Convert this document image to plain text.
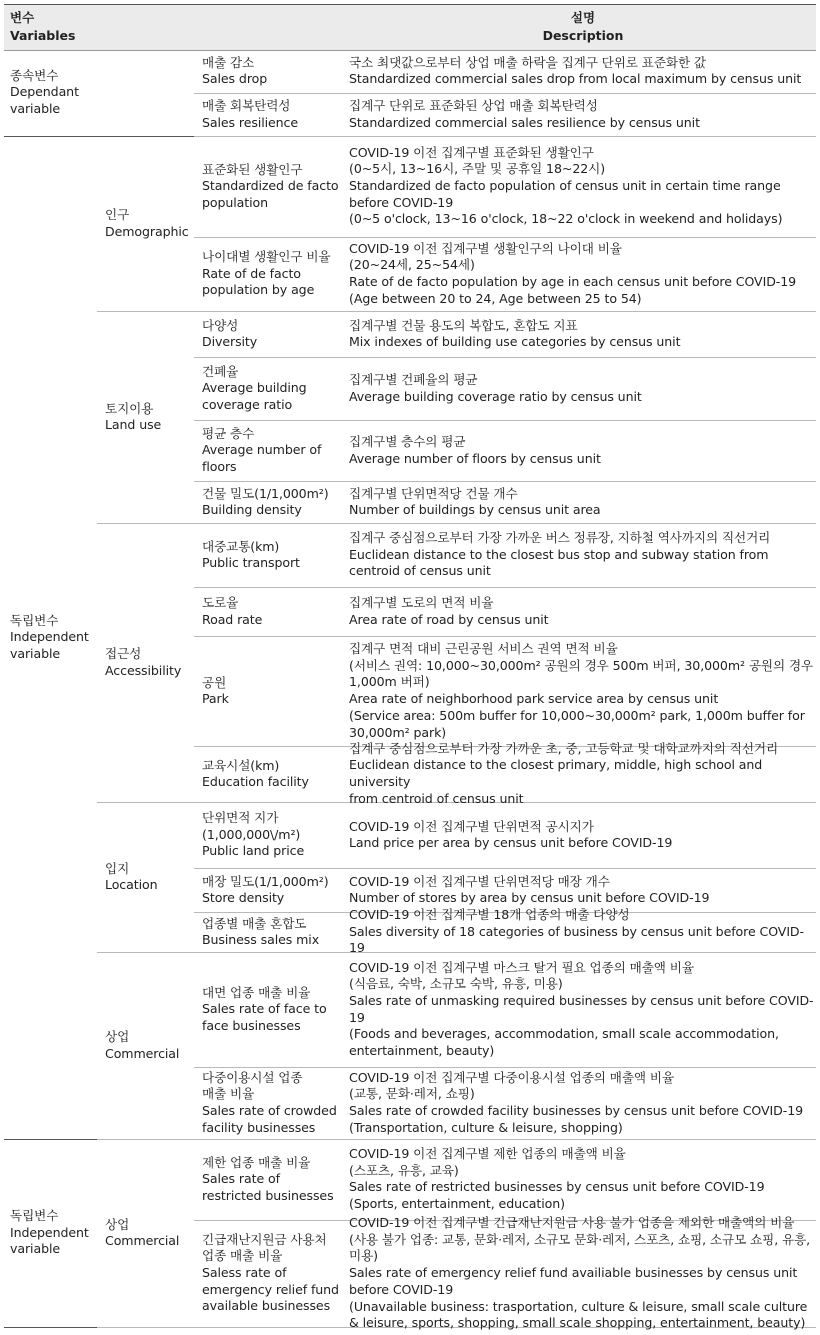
변수
Variables
설명
Description
종속변수
Dependant
variable
독립변수
Independent
variable
독립변수
Independent
variable
인구
Demographic
토지이용
Land use
접근성
Accessibility
입지
Location
상업
Commercial
상업
Commercial
매출 감소
Sales drop
국소 최댓값으로부터 상업 매출 하락을 집계구 단위로 표준화한 값
Standardized commercial sales drop from local maximum by census unit
매출 회복탄력성
Sales resilience
집계구 단위로 표준화된 상업 매출 회복탄력성
Standardized commercial sales resilience by census unit
표준화된 생활인구
Standardized de facto
population
COVID-19 이전 집계구별 표준화된 생활인구
(0~5시, 13~16시, 주말 및 공휴일 18~22시)
Standardized de facto population of census unit in certain time range before COVID-19
(0~5 o'clock, 13~16 o'clock, 18~22 o'clock in weekend and holidays)
나이대별 생활인구 비율
Rate of de facto
population by age
COVID-19 이전 집계구별 생활인구의 나이대 비율
(20~24세, 25~54세)
Rate of de facto population by age in each census unit before COVID-19
(Age between 20 to 24, Age between 25 to 54)
다양성
Diversity
집계구별 건물 용도의 복합도, 혼합도 지표
Mix indexes of building use categories by census unit
건폐율
Average building
coverage ratio
집계구별 건폐율의 평균
Average building coverage ratio by census unit
평균 층수
Average number of
floors
집계구별 층수의 평균
Average number of floors by census unit
건물 밀도(1/1,000m²)
Building density
집계구별 단위면적당 건물 개수
Number of buildings by census unit area
대중교통(km)
Public transport
집계구 중심점으로부터 가장 가까운 버스 정류장, 지하철 역사까지의 직선거리
Euclidean distance to the closest bus stop and subway station from
centroid of census unit
도로율
Road rate
집계구별 도로의 면적 비율
Area rate of road by census unit
공원
Park
집계구 면적 대비 근린공원 서비스 권역 면적 비율
(서비스 권역: 10,000~30,000m² 공원의 경우 500m 버퍼, 30,000m² 공원의 경우 1,000m 버퍼)
Area rate of neighborhood park service area by census unit
(Service area: 500m buffer for 10,000~30,000m² park, 1,000m buffer for
30,000m² park)
교육시설(km)
Education facility
집계구 중심점으로부터 가장 가까운 초, 중, 고등학교 및 대학교까지의 직선거리
Euclidean distance to the closest primary, middle, high school and university
from centroid of census unit
단위면적 지가
(1,000,000\/m²)
Public land price
COVID-19 이전 집계구별 단위면적 공시지가
Land price per area by census unit before COVID-19
매장 밀도(1/1,000m²)
Store density
COVID-19 이전 집계구별 단위면적당 매장 개수
Number of stores by area by census unit before COVID-19
업종별 매출 혼합도
Business sales mix
COVID-19 이전 집계구별 18개 업종의 매출 다양성
Sales diversity of 18 categories of business by census unit before COVID-19
대면 업종 매출 비율
Sales rate of face to
face businesses
COVID-19 이전 집계구별 마스크 탈거 필요 업종의 매출액 비율
(식음료, 숙박, 소규모 숙박, 유흥, 미용)
Sales rate of unmasking required businesses by census unit before COVID-19
(Foods and beverages, accommodation, small scale accommodation, entertainment, beauty)
다중이용시설 업종
매출 비율
Sales rate of crowded
facility businesses
COVID-19 이전 집계구별 다중이용시설 업종의 매출액 비율
(교통, 문화·레저, 쇼핑)
Sales rate of crowded facility businesses by census unit before COVID-19
(Transportation, culture & leisure, shopping)
제한 업종 매출 비율
Sales rate of
restricted businesses
COVID-19 이전 집계구별 제한 업종의 매출액 비율
(스포츠, 유흥, 교육)
Sales rate of restricted businesses by census unit before COVID-19
(Sports, entertainment, education)
긴급재난지원금 사용처
업종 매출 비율
Saless rate of
emergency relief fund
available businesses
COVID-19 이전 집계구별 긴급재난지원금 사용 불가 업종을 제외한 매출액의 비율
(사용 불가 업종: 교통, 문화·레저, 소규모 문화·레저, 스포츠, 쇼핑, 소규모 쇼핑, 유흥, 미용)
Sales rate of emergency relief fund availiable businesses by census unit before COVID-19
(Unavailable business: trasportation, culture & leisure, small scale culture & leisure, sports, shopping, small scale shopping, entertainment, beauty)
